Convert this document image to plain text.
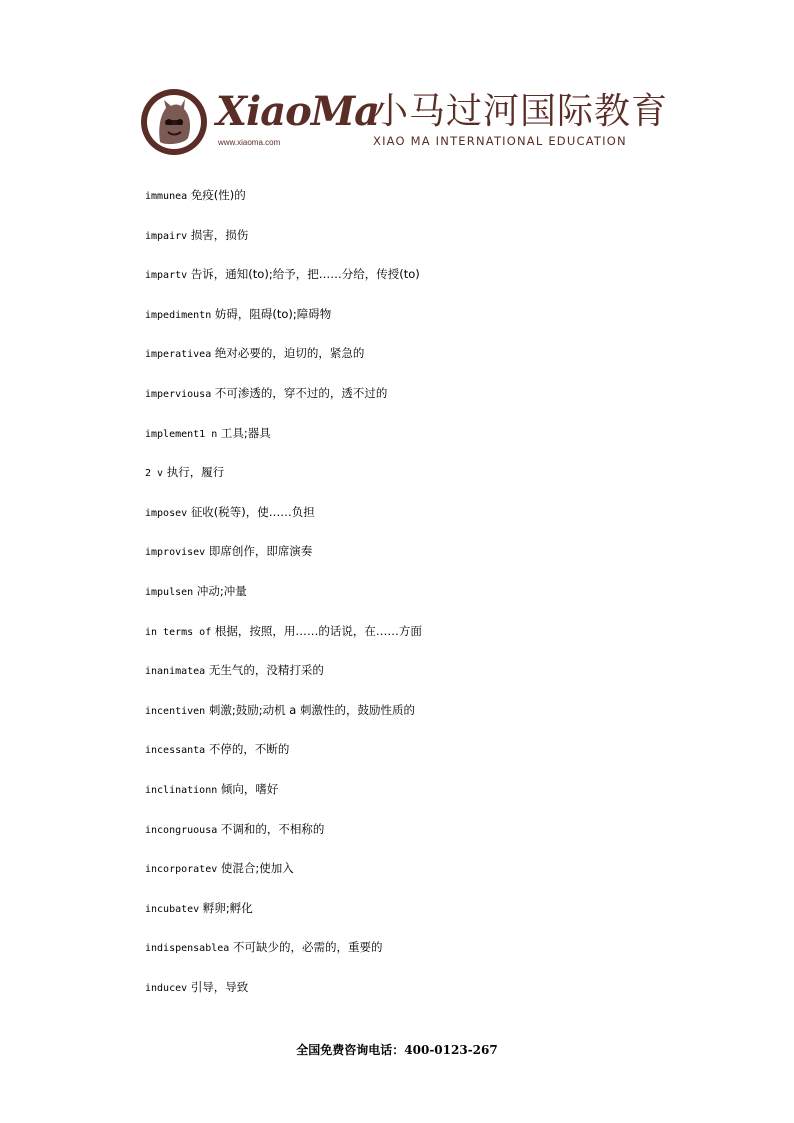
XiaoMa
www.xiaoma.com
小马过河国际教育
XIAO MA INTERNATIONAL EDUCATION
immunea 免疫(性)的
impairv 损害，损伤
impartv 告诉，通知(to);给予，把……分给，传授(to)
impedimentn 妨碍，阻碍(to);障碍物
imperativea 绝对必要的，迫切的，紧急的
imperviousa 不可渗透的，穿不过的，透不过的
implement1 n 工具;器具
2 v 执行，履行
imposev 征收(税等)，使……负担
improvisev 即席创作，即席演奏
impulsen 冲动;冲量
in terms of 根据，按照，用……的话说，在……方面
inanimatea 无生气的，没精打采的
incentiven 刺激;鼓励;动机 a 刺激性的，鼓励性质的
incessanta 不停的，不断的
inclinationn 倾向，嗜好
incongruousa 不调和的，不相称的
incorporatev 使混合;使加入
incubatev 孵卵;孵化
indispensablea 不可缺少的，必需的，重要的
inducev 引导，导致
全国免费咨询电话：400-0123-267
